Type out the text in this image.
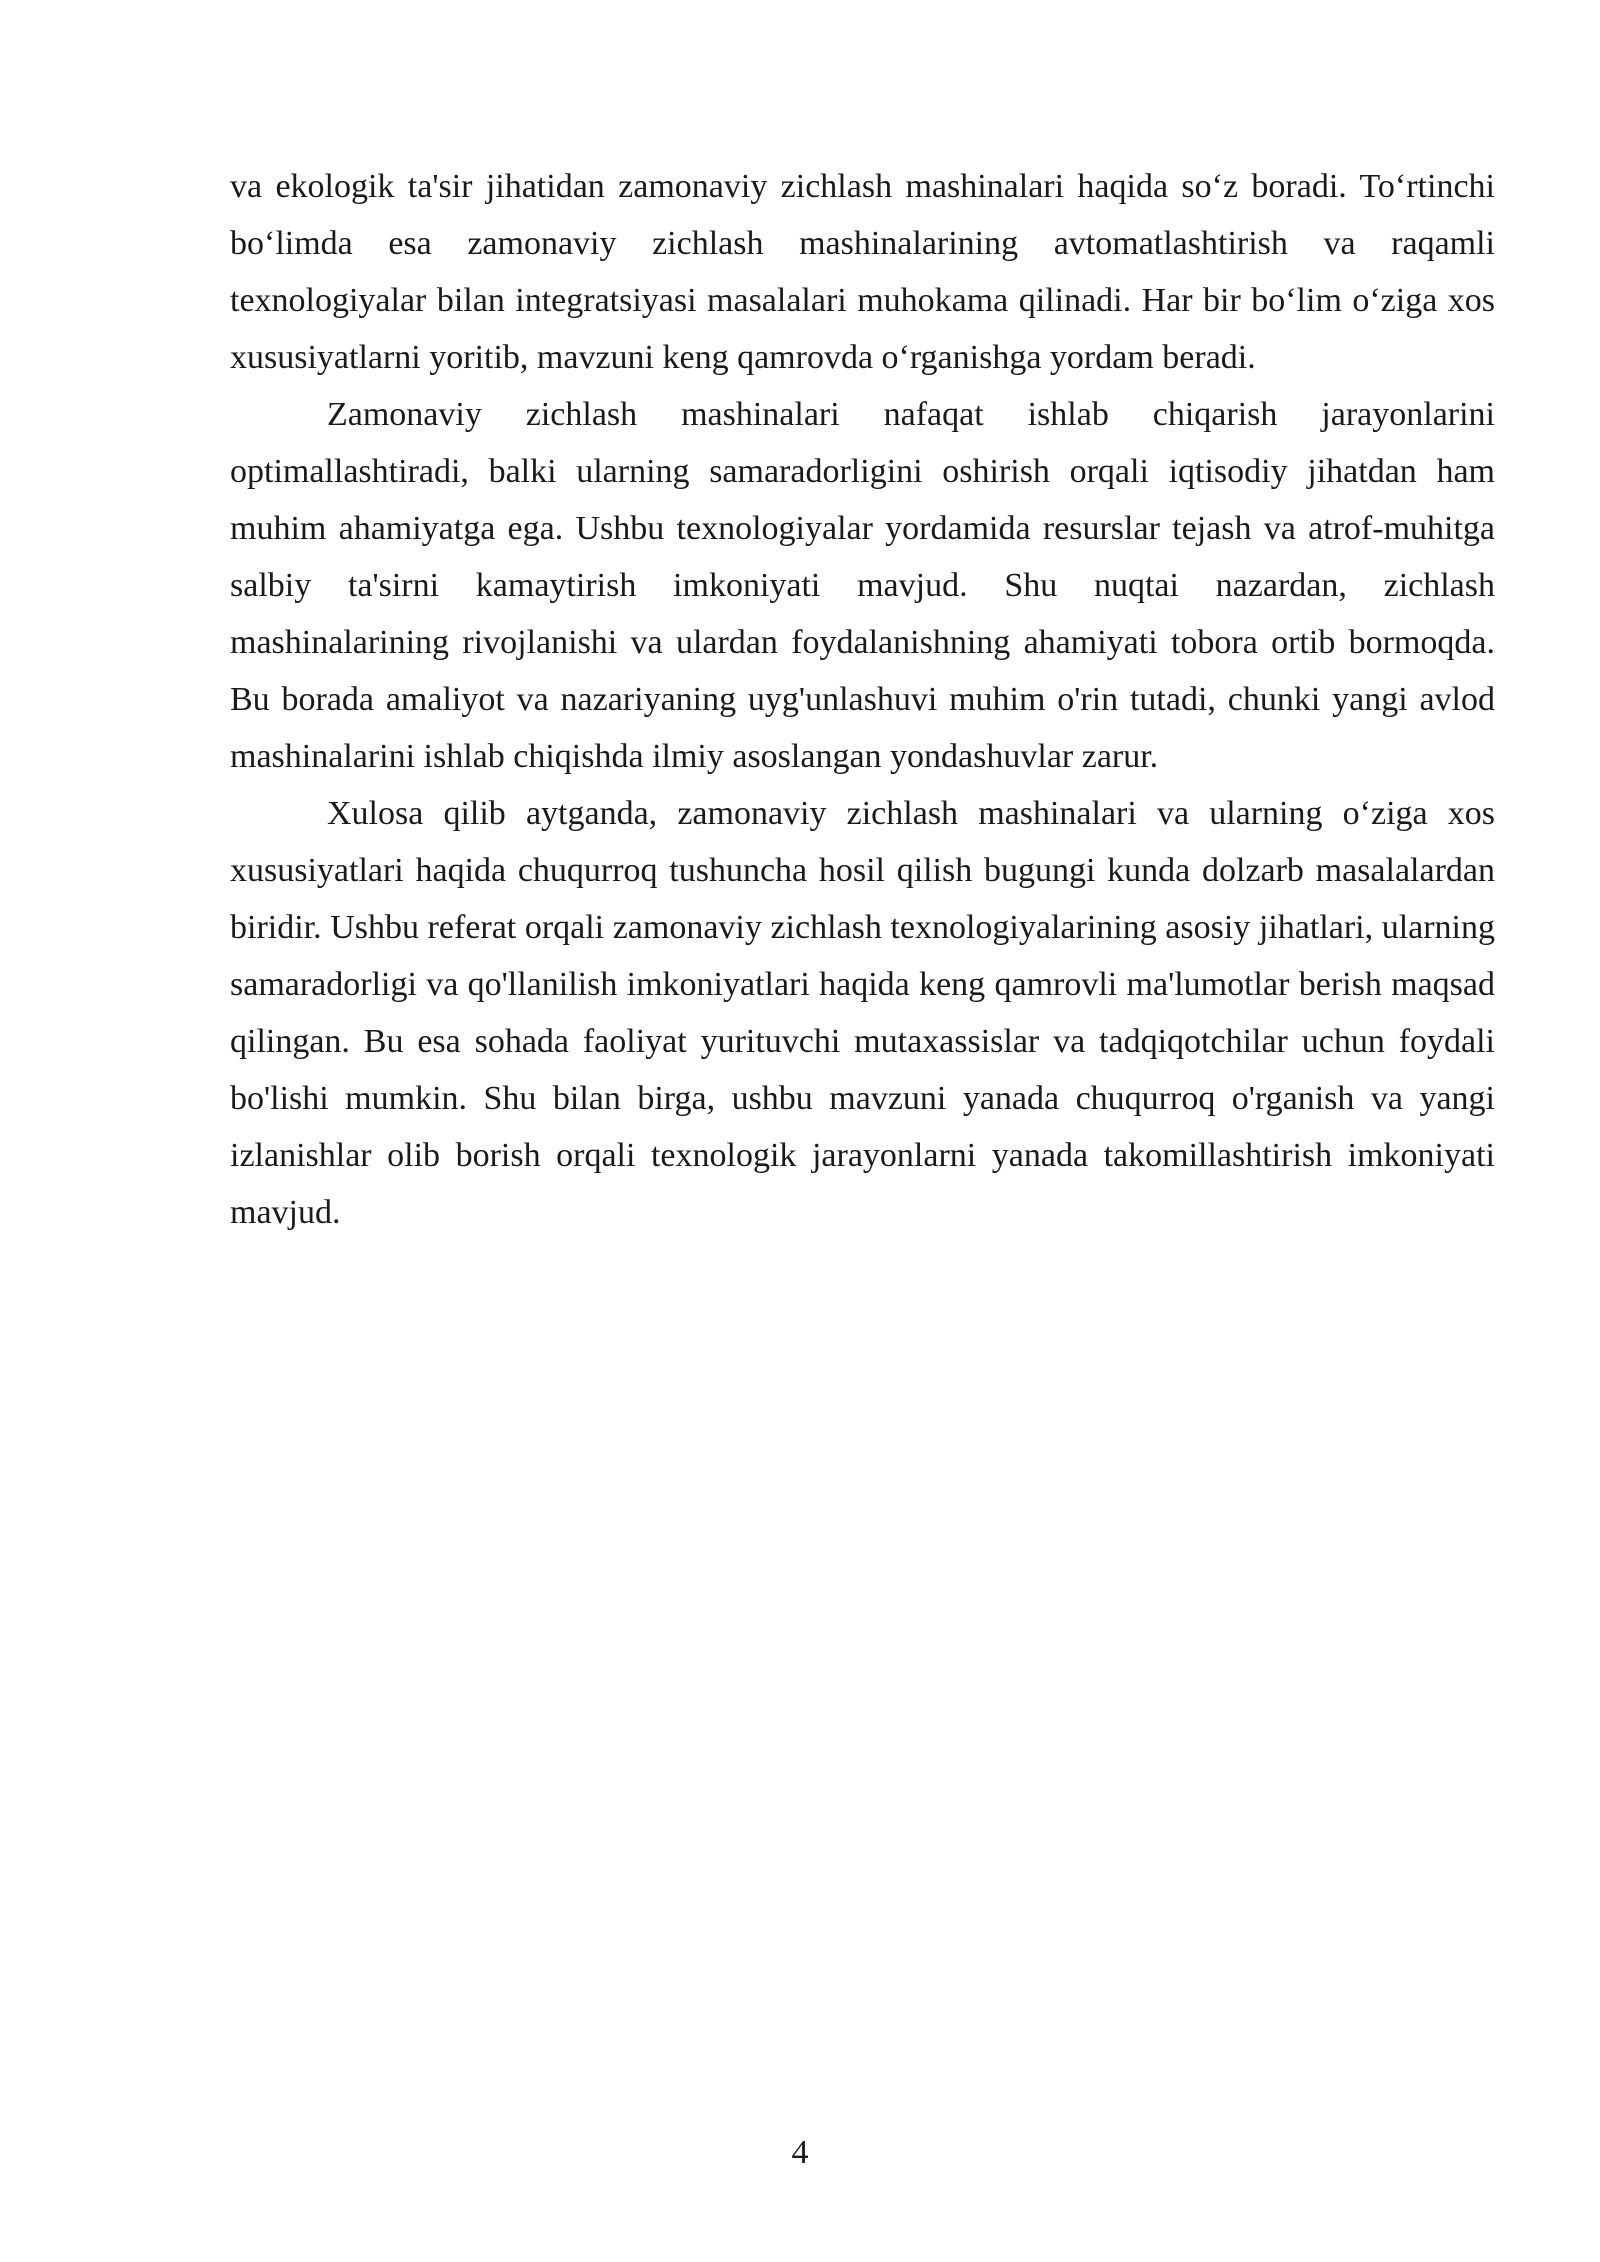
va ekologik ta'sir jihatidan zamonaviy zichlash mashinalari haqida so‘z boradi. To‘rtinchi bo‘limda esa zamonaviy zichlash mashinalarining avtomatlashtirish va raqamli texnologiyalar bilan integratsiyasi masalalari muhokama qilinadi. Har bir bo‘lim o‘ziga xos xususiyatlarni yoritib, mavzuni keng qamrovda o‘rganishga yordam beradi.

Zamonaviy zichlash mashinalari nafaqat ishlab chiqarish jarayonlarini optimallashtiradi, balki ularning samaradorligini oshirish orqali iqtisodiy jihatdan ham muhim ahamiyatga ega. Ushbu texnologiyalar yordamida resurslar tejash va atrof-muhitga salbiy ta'sirni kamaytirish imkoniyati mavjud. Shu nuqtai nazardan, zichlash mashinalarining rivojlanishi va ulardan foydalanishning ahamiyati tobora ortib bormoqda. Bu borada amaliyot va nazariyaning uyg'unlashuvi muhim o'rin tutadi, chunki yangi avlod mashinalarini ishlab chiqishda ilmiy asoslangan yondashuvlar zarur.

Xulosa qilib aytganda, zamonaviy zichlash mashinalari va ularning o‘ziga xos xususiyatlari haqida chuqurroq tushuncha hosil qilish bugungi kunda dolzarb masalalardan biridir. Ushbu referat orqali zamonaviy zichlash texnologiyalarining asosiy jihatlari, ularning samaradorligi va qo'llanilish imkoniyatlari haqida keng qamrovli ma'lumotlar berish maqsad qilingan. Bu esa sohada faoliyat yurituvchi mutaxassislar va tadqiqotchilar uchun foydali bo'lishi mumkin. Shu bilan birga, ushbu mavzuni yanada chuqurroq o'rganish va yangi izlanishlar olib borish orqali texnologik jarayonlarni yanada takomillashtirish imkoniyati mavjud.

4
